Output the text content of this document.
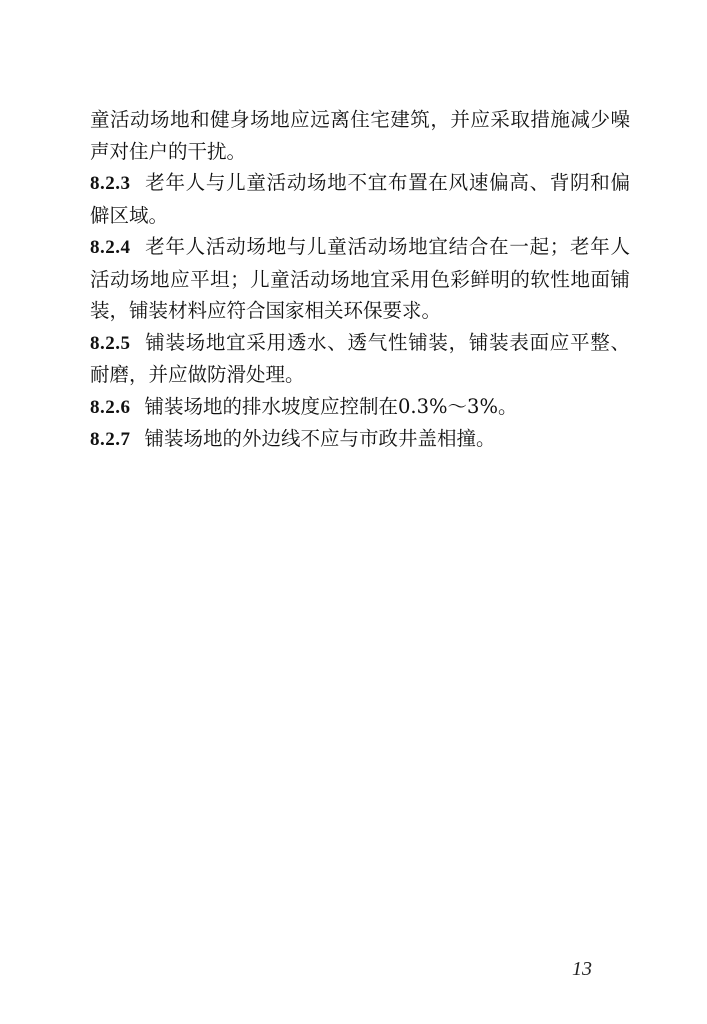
童活动场地和健身场地应远离住宅建筑，并应采取措施减少噪声对住户的干扰。

8.2.3 老年人与儿童活动场地不宜布置在风速偏高、背阴和偏僻区域。

8.2.4 老年人活动场地与儿童活动场地宜结合在一起；老年人活动场地应平坦；儿童活动场地宜采用色彩鲜明的软性地面铺装，铺装材料应符合国家相关环保要求。

8.2.5 铺装场地宜采用透水、透气性铺装，铺装表面应平整、耐磨，并应做防滑处理。

8.2.6 铺装场地的排水坡度应控制在0.3%～3%。

8.2.7 铺装场地的外边线不应与市政井盖相撞。

13
